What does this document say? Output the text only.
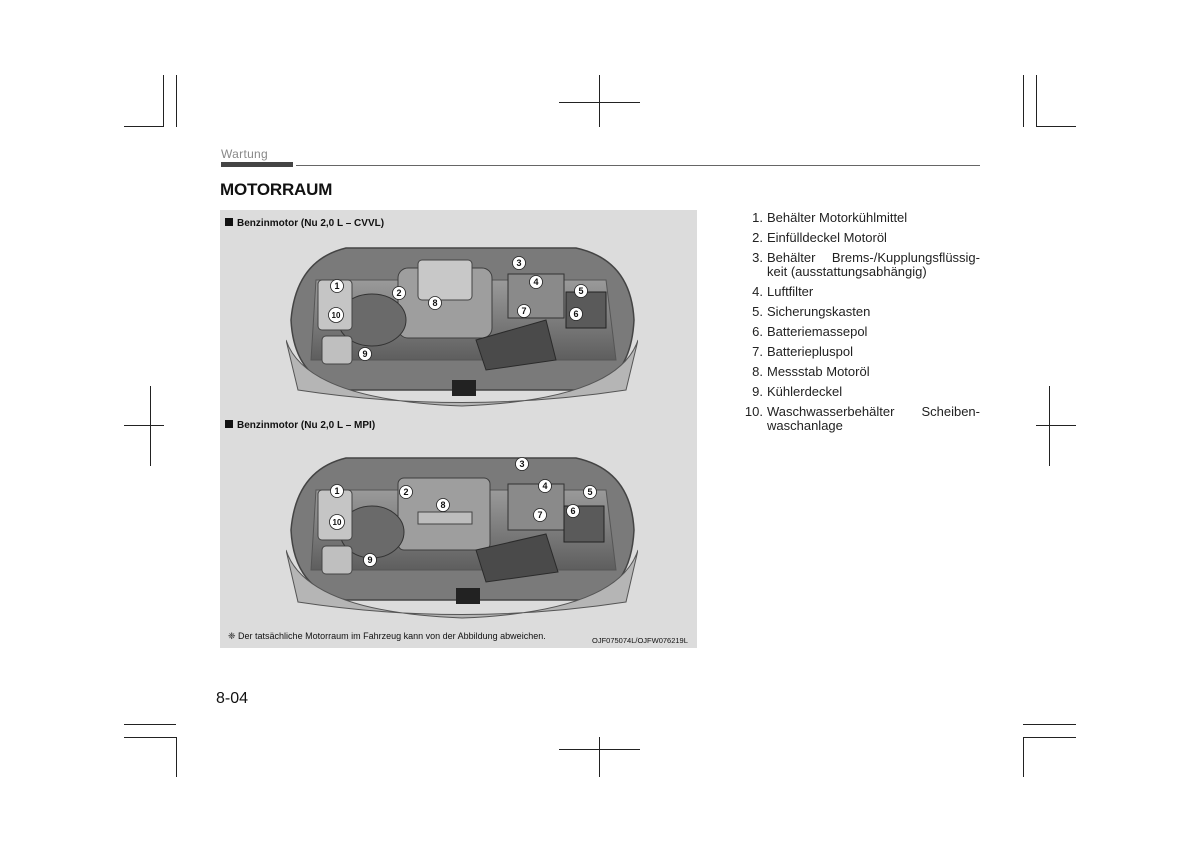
Wartung
MOTORRAUM
Benzinmotor (Nu 2,0 L – CVVL)
1
2
3
4
5
6
7
8
9
10
Benzinmotor (Nu 2,0 L – MPI)
1	2
3
4
5
6
7
8
9
10
❈ Der tatsächliche Motorraum im Fahrzeug kann von der Abbildung abweichen.	OJF075074L/OJFW076219L
1. Behälter Motorkühlmittel
2. Einfülldeckel Motoröl
3. Behälter Brems-/Kupplungsflüssig-keit (ausstattungsabhängig)
4. Luftfilter
5. Sicherungskasten
6. Batteriemassepol
7. Batteriepluspol
8. Messstab Motoröl
9. Kühlerdeckel
10. Waschwasserbehälter Scheiben-waschanlage
8-04
